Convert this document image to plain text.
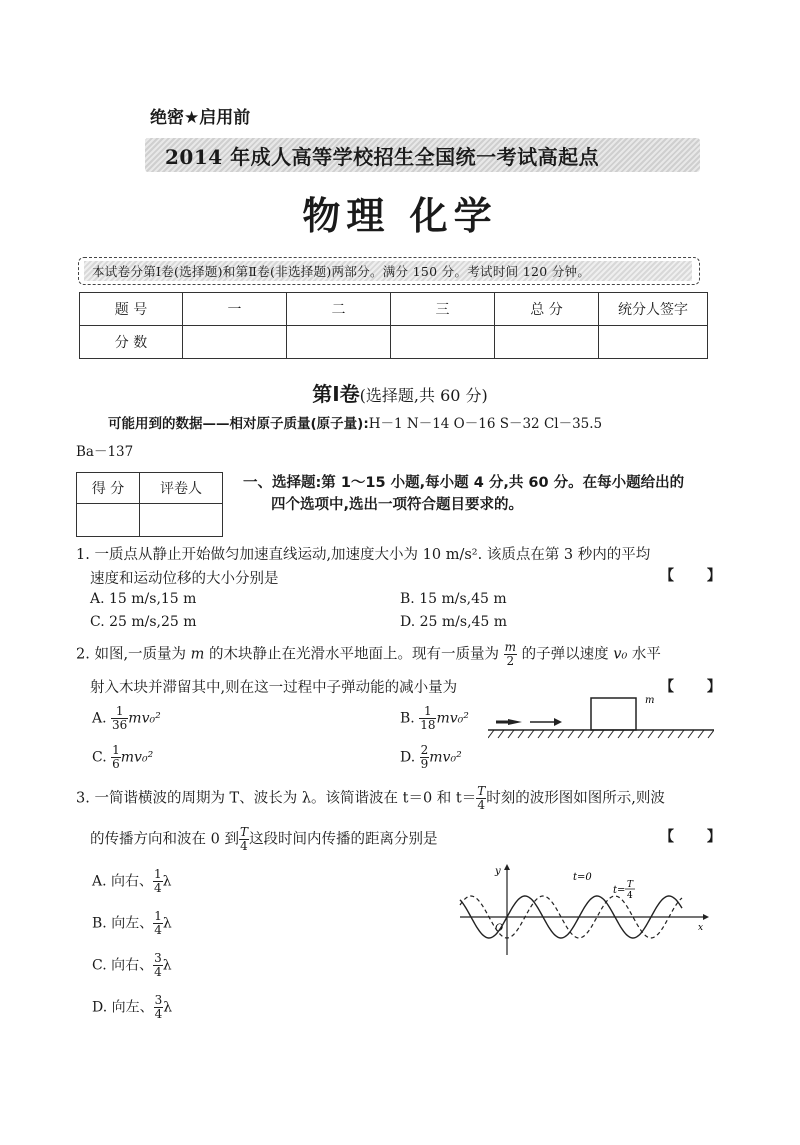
绝密★启用前
2014 年成人高等学校招生全国统一考试高起点
物理 化学
本试卷分第Ⅰ卷(选择题)和第Ⅱ卷(非选择题)两部分。满分 150 分。考试时间 120 分钟。
题 号	一	二	三	总 分	统分人签字
分 数					
第Ⅰ卷(选择题,共 60 分)
可能用到的数据——相对原子质量(原子量):H－1 N－14 O－16 S－32 Cl－35.5
Ba－137
得 分	评卷人
		一、选择题:第 1～15 小题,每小题 4 分,共 60 分。在每小题给出的
四个选项中,选出一项符合题目要求的。
1. 一质点从静止开始做匀加速直线运动,加速度大小为 10 m/s². 该质点在第 3 秒内的平均
速度和运动位移的大小分别是	【 】
A. 15 m/s,15 m	B. 15 m/s,45 m
C. 25 m/s,25 m	D. 25 m/s,45 m
2. 如图,一质量为 m 的木块静止在光滑水平地面上。现有一质量为 $\frac{m}{2}$ 的子弹以速度 v₀ 水平
射入木块并滞留其中,则在这一过程中子弹动能的减小量为	【 】
A. $\frac{1}{36} mv_0^2$	B. $\frac{1}{18} mv_0^2$
C. $\frac{1}{6} mv_0^2$	D. $\frac{2}{9} mv_0^2$
m
3. 一简谐横波的周期为 T、波长为 λ。该简谐波在 t＝0 和 $t= \frac{T}{4}$ 时刻的波形图如图所示,则波
的传播方向和波在 0 到 $\frac{T}{4}$ 这段时间内传播的距离分别是	【 】
A. 向右、 $\frac{1}{4}$ λ
B. 向左、 $\frac{1}{4}$ λ
C. 向右、 $\frac{3}{4}$ λ
D. 向左、 $\frac{3}{4}$ λ
y
x
O
t=0
t= T
4
